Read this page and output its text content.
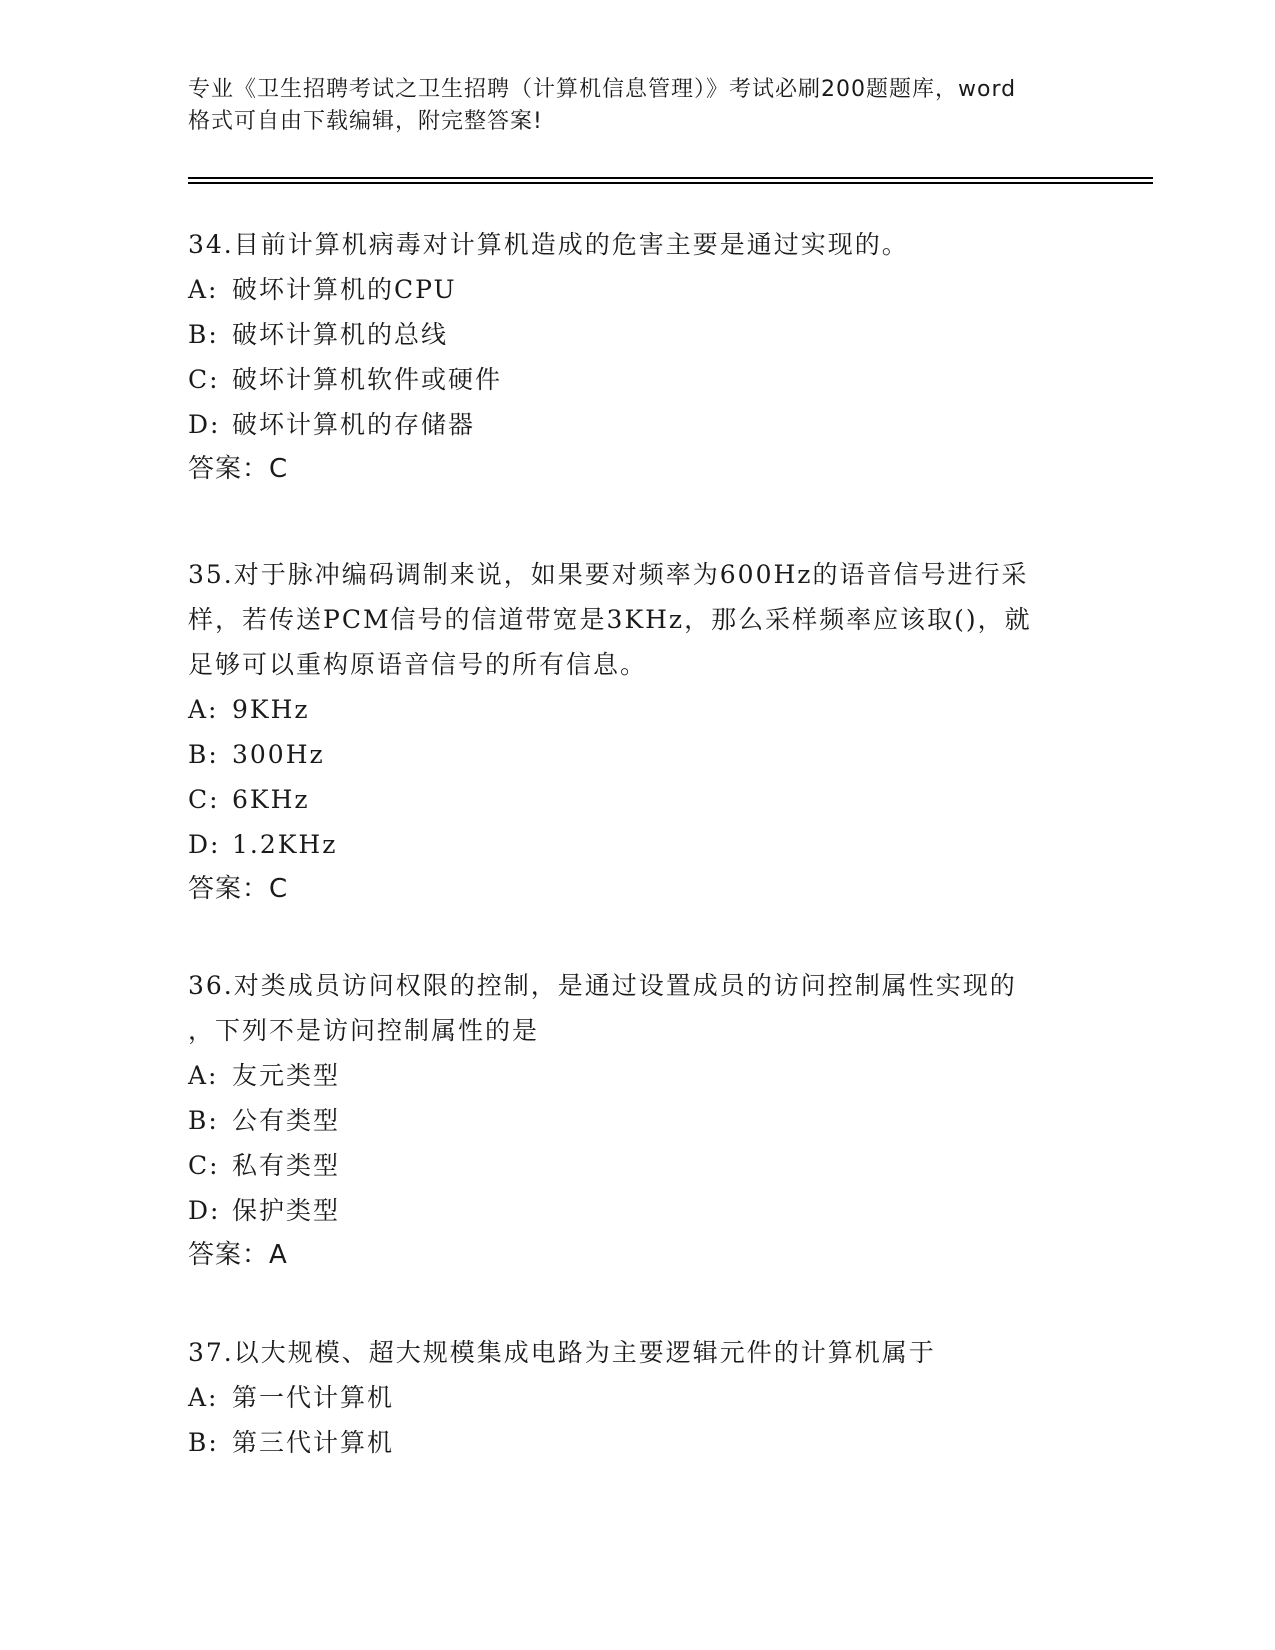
专业《卫生招聘考试之卫生招聘（计算机信息管理）》考试必刷200题题库，word
格式可自由下载编辑，附完整答案!

34.目前计算机病毒对计算机造成的危害主要是通过实现的。

A: 破坏计算机的CPU

B: 破坏计算机的总线

C: 破坏计算机软件或硬件

D: 破坏计算机的存储器

答案：C

35.对于脉冲编码调制来说，如果要对频率为600Hz的语音信号进行采

样，若传送PCM信号的信道带宽是3KHz，那么采样频率应该取()，就

足够可以重构原语音信号的所有信息。

A: 9KHz

B: 300Hz

C: 6KHz

D: 1.2KHz

答案：C

36.对类成员访问权限的控制，是通过设置成员的访问控制属性实现的

，下列不是访问控制属性的是

A: 友元类型

B: 公有类型

C: 私有类型

D: 保护类型

答案：A

37.以大规模、超大规模集成电路为主要逻辑元件的计算机属于

A: 第一代计算机

B: 第三代计算机
